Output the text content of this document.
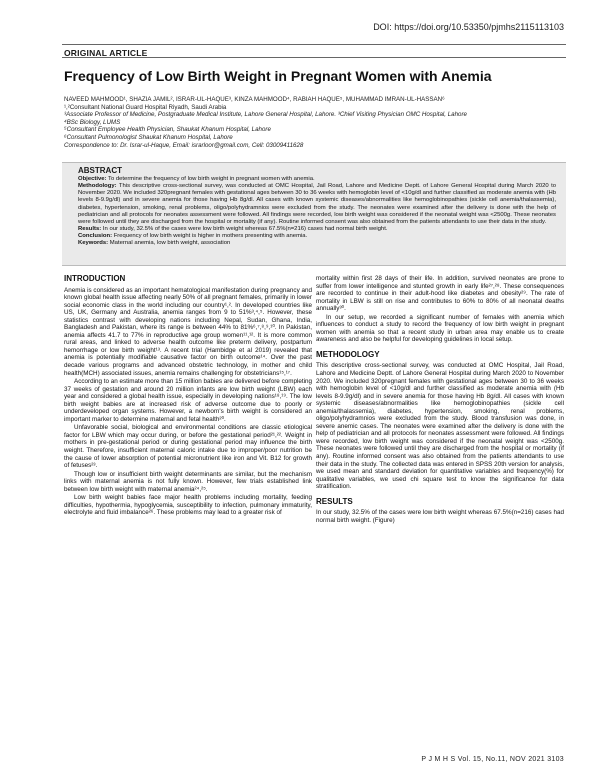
DOI: https://doi.org/10.53350/pjmhs2115113103
ORIGINAL ARTICLE
Frequency of Low Birth Weight in Pregnant Women with Anemia

NAVEED MAHMOOD¹, SHAZIA JAMIL², ISRAR-UL-HAQUE³, KINZA MAHMOOD⁴, RABIAH HAQUE⁵, MUHAMMAD IMRAN-UL-HASSAN⁶

¹,²Consultant National Guard Hospital Riyadh, Saudi Arabia

³Associate Professor of Medicine, Postgraduate Medical Institute, Lahore General Hospital, Lahore. ³Chief Visiting Physician OMC Hospital, Lahore

⁴BSc Biology, LUMS

⁵Consultant Employee Health Physician, Shaukat Khanum Hospital, Lahore

⁶Consultant Pulmonologist Shaukat Khanum Hospital, Lahore

Correspondence to: Dr. Israr-ul-Haque, Email: israrloor@gmail.com, Cell: 03009411628

ABSTRACT
Objective: To determine the frequency of low birth weight in pregnant women with anemia.
Methodology: This descriptive cross-sectional survey, was conducted at OMC Hospital, Jail Road, Lahore and Medicine Deptt. of Lahore General Hospital during March 2020 to November 2020. We included 320pregnant females with gestational ages between 30 to 36 weeks with hemoglobin level of <10g/dl and further classified as moderate anemia with (Hb levels 8-9.9g/dl) and in severe anemia for those having Hb 8g/dl. All cases with known systemic diseases/abnormalities like hemoglobinopathies (sickle cell anemia/thalassemia), diabetes, hypertension, smoking, renal problems, oligo/polyhydramnios were excluded from the study. The neonates were examined after the delivery is done with the help of pediatrician and all protocols for neonates assessment were followed. All findings were recorded, low birth weight was considered if the neonatal weight was <2500g. These neonates were followed until they are discharged from the hospital or mortality (if any). Routine informed consent was also obtained from the patients attendants to use their data in the study.
Results: In our study, 32.5% of the cases were low birth weight whereas 67.5%(n=216) cases had normal birth weight.
Conclusion: Frequency of low birth weight is higher in mothers presenting with anemia.
Keywords: Maternal anemia, low birth weight, association
INTRODUCTION

Anemia is considered as an important hematological manifestation during pregnancy and known global health issue affecting nearly 50% of all pregnant females, primarily in lower social economic class in the world including our country¹,². In developed countries like US, UK, Germany and Australia, anemia ranges from 9 to 51%³,⁴,⁵. However, these statistics contrast with developing nations including Nepal, Sudan, Ghana, India, Bangladesh and Pakistan, where its range is between 44% to 81%⁶,⁷,⁸,⁹,¹⁰. In Pakistan, anemia affects 41.7 to 77% in reproductive age group women¹¹,¹². It is more common rural areas, and linked to adverse health outcome like preterm delivery, postpartum hemorrhage or low birth weight¹³. A recent trial (Hambidge et al 2019) revealed that anemia is potentially modifiable causative factor on birth outcome¹⁴. Over the past decade various programs and advanced obstetric technology, in mother and child health(MCH) associated issues, anemia remains challenging for obstetricians¹⁵,¹⁷.

According to an estimate more than 15 million babies are delivered before completing 37 weeks of gestation and around 20 million infants are low birth weight (LBW) each year and considered a global health issue, especially in developing nations¹⁸,¹⁹. The low birth weight babies are at increased risk of adverse outcome due to poorly or underdeveloped organ systems. However, a newborn's birth weight is considered an important marker to determine maternal and fetal health²⁰.

Unfavorable social, biological and environmental conditions are classic etiological factor for LBW which may occur during, or before the gestational period²¹,²². Weight in mothers in pre-gestational period or during gestational period may influence the birth weight. Therefore, insufficient maternal caloric intake due to improper/poor nutrition be the cause of lower absorption of potential micronutrient like iron and Vit. B12 for growth of fetuses²³.

Though low or insufficient birth weight determinants are similar, but the mechanism links with maternal anemia is not fully known. However, few trials established link between low birth weight with maternal anemia²⁴,²⁵.

Low birth weight babies face major health problems including mortality, feeding difficulties, hypothermia, hypoglycemia, susceptibility to infection, pulmonary immaturity, electrolyte and fluid imbalance²⁶. These problems may lead to a greater risk of

mortality within first 28 days of their life. In addition, survived neonates are prone to suffer from lower intelligence and stunted growth in early life²⁷,²⁸. These consequences are recorded to continue in their adult-hood like diabetes and obesity²⁹. The rate of mortality in LBW is still on rise and contributes to 60% to 80% of all neonatal deaths annually³⁰.

In our setup, we recorded a significant number of females with anemia which influences to conduct a study to record the frequency of low birth weight in pregnant women with anemia so that a recent study in urban area may enable us to create awareness and also be helpful for developing guidelines in local setup.

METHODOLOGY

This descriptive cross-sectional survey, was conducted at OMC Hospital, Jail Road, Lahore and Medicine Deptt. of Lahore General Hospital during March 2020 to November 2020. We included 320pregnant females with gestational ages between 30 to 36 weeks with hemoglobin level of <10g/dl and further classified as moderate anemia with (Hb levels 8-9.9g/dl) and in severe anemia for those having Hb 8g/dl. All cases with known systemic diseases/abnormalities like hemoglobinopathies (sickle cell anemia/thalassemia), diabetes, hypertension, smoking, renal problems, oligo/polyhydramnios were excluded from the study. Blood transfusion was done, in severe anemic cases. The neonates were examined after the delivery is done with the help of pediatrician and all protocols for neonates assessment were followed. All findings were recorded, low birth weight was considered if the neonatal weight was <2500g. These neonates were followed until they are discharged from the hospital or mortality (if any). Routine informed consent was also obtained from the patients attendants to use their data in the study. The collected data was entered in SPSS 20th version for analysis, we used mean and standard deviation for quantitative variables and frequency(%) for qualitative variables, we used chi square test to know the significance for data stratification.

RESULTS

In our study, 32.5% of the cases were low birth weight whereas 67.5%(n=216) cases had normal birth weight. (Figure)

P J M H S Vol. 15, No.11, NOV 2021 3103
